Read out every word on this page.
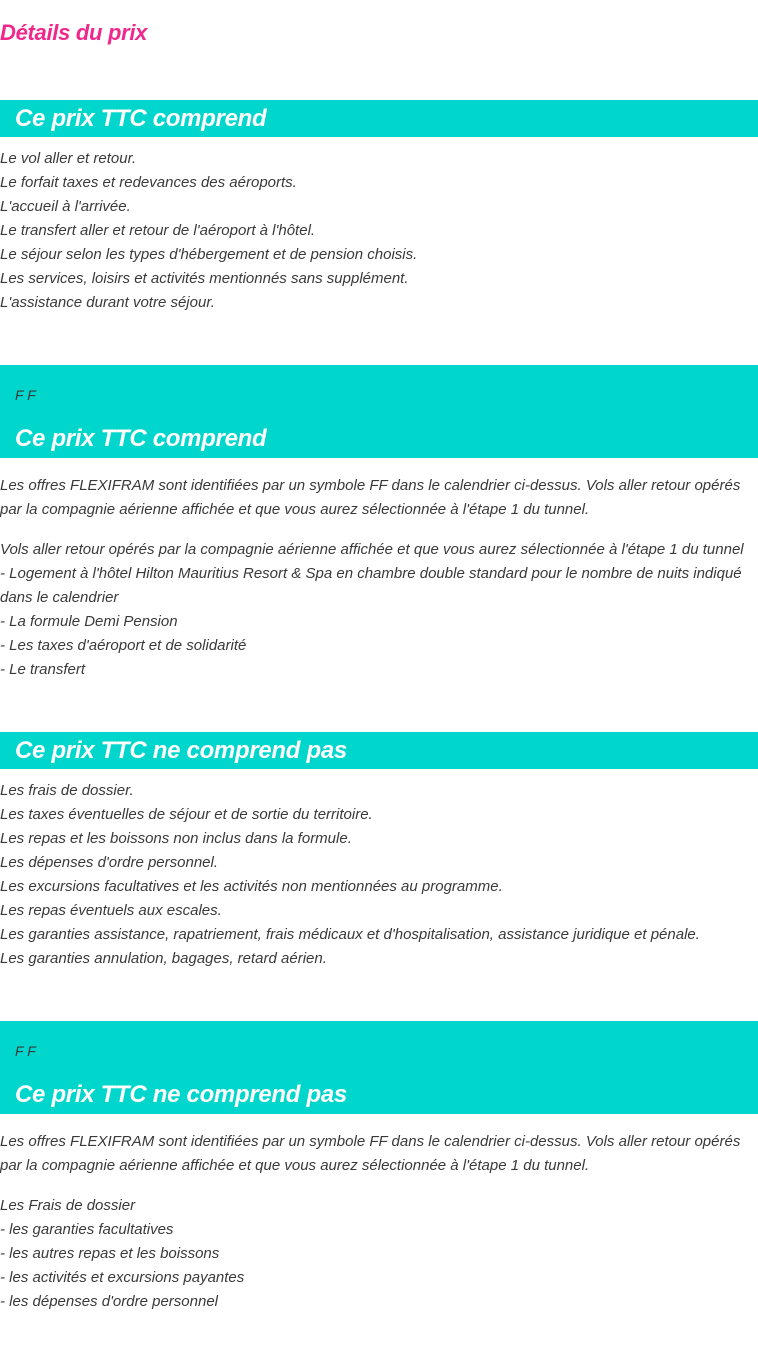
Détails du prix
Ce prix TTC comprend
Le vol aller et retour.
Le forfait taxes et redevances des aéroports.
L'accueil à l'arrivée.
Le transfert aller et retour de l'aéroport à l'hôtel.
Le séjour selon les types d'hébergement et de pension choisis.
Les services, loisirs et activités mentionnés sans supplément.
L'assistance durant votre séjour.
F F
Ce prix TTC comprend

Les offres FLEXIFRAM sont identifiées par un symbole FF dans le calendrier ci-dessus. Vols aller retour opérés par la compagnie aérienne affichée et que vous aurez sélectionnée à l'étape 1 du tunnel.

Vols aller retour opérés par la compagnie aérienne affichée et que vous aurez sélectionnée à l'étape 1 du tunnel
- Logement à l'hôtel Hilton Mauritius Resort & Spa en chambre double standard pour le nombre de nuits indiqué dans le calendrier
- La formule Demi Pension
- Les taxes d'aéroport et de solidarité
- Le transfert

Ce prix TTC ne comprend pas
Les frais de dossier.
Les taxes éventuelles de séjour et de sortie du territoire.
Les repas et les boissons non inclus dans la formule.
Les dépenses d'ordre personnel.
Les excursions facultatives et les activités non mentionnées au programme.
Les repas éventuels aux escales.
Les garanties assistance, rapatriement, frais médicaux et d'hospitalisation, assistance juridique et pénale.
Les garanties annulation, bagages, retard aérien.
F F
Ce prix TTC ne comprend pas

Les offres FLEXIFRAM sont identifiées par un symbole FF dans le calendrier ci-dessus. Vols aller retour opérés par la compagnie aérienne affichée et que vous aurez sélectionnée à l'étape 1 du tunnel.

Les Frais de dossier
- les garanties facultatives
- les autres repas et les boissons
- les activités et excursions payantes
- les dépenses d'ordre personnel
